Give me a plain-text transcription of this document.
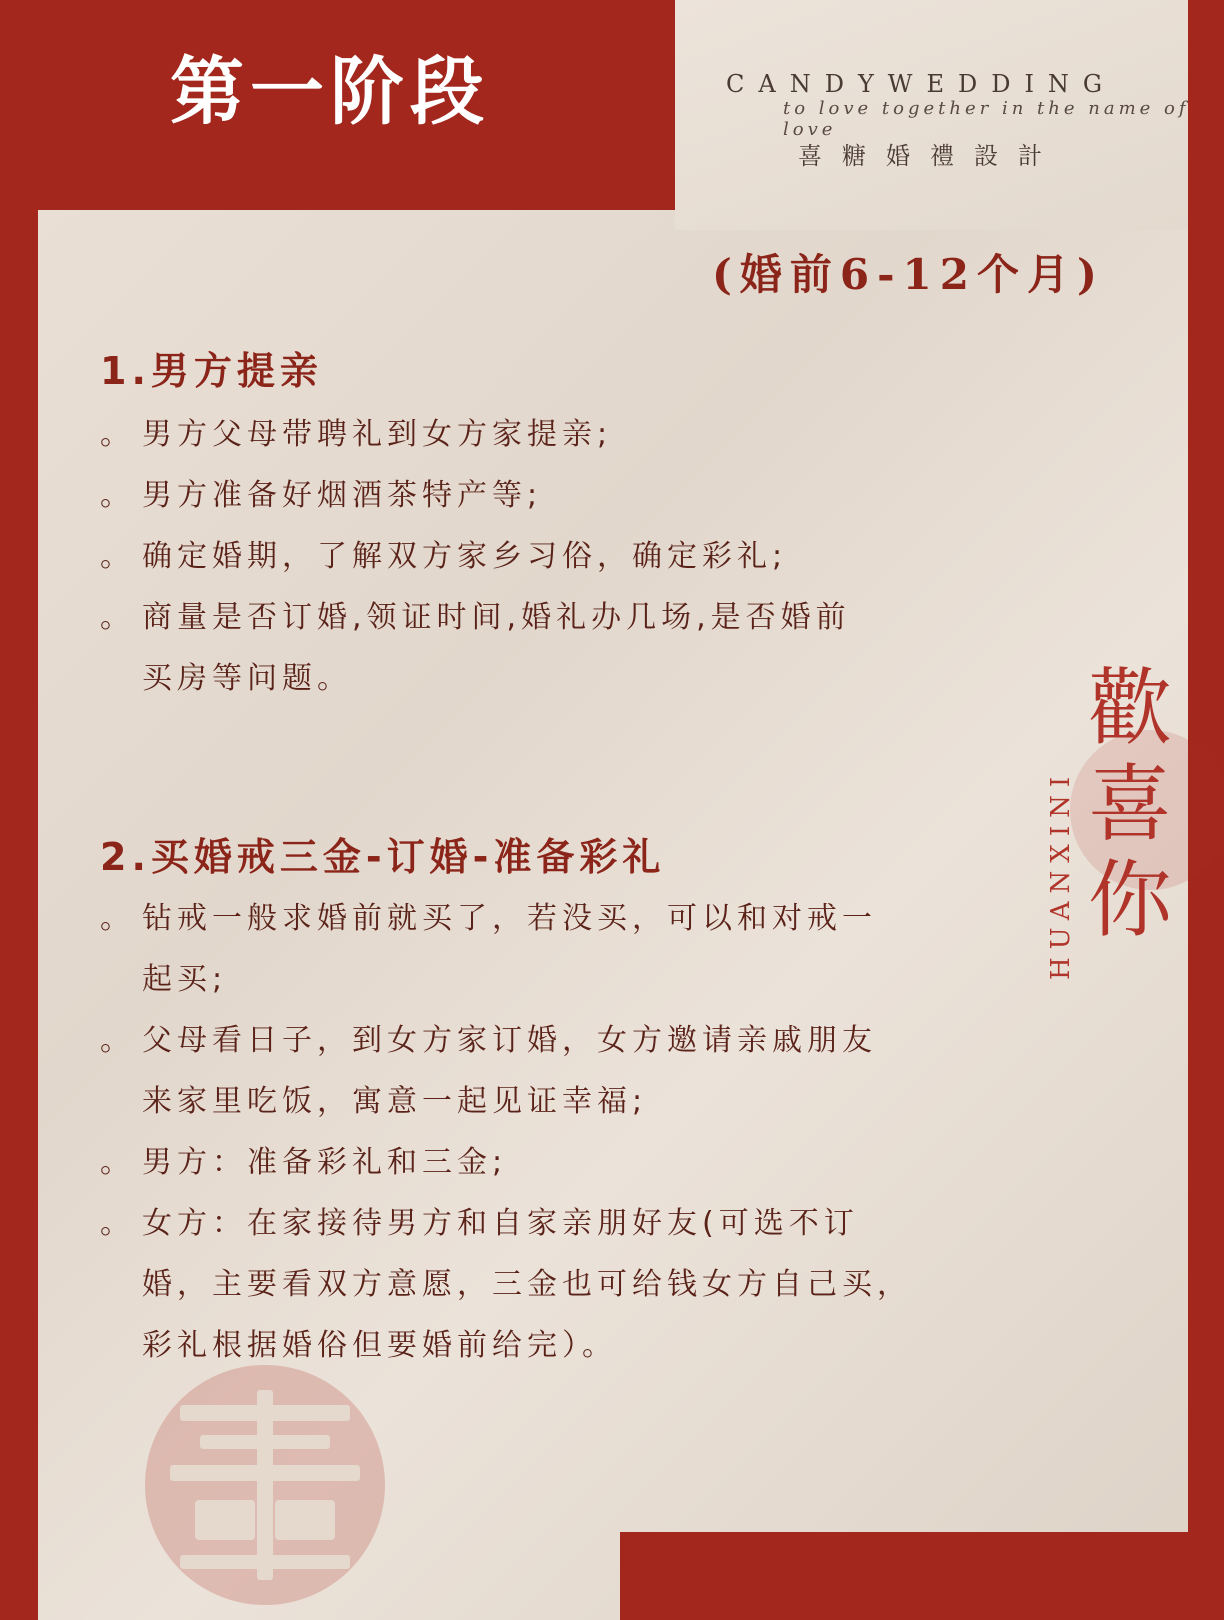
第一阶段	CANDYWEDDING
to love together in the name of love
喜糖婚禮設計
(婚前6-12个月)
1.男方提亲
。 男方父母带聘礼到女方家提亲;
。 男方准备好烟酒茶特产等;
。 确定婚期，了解双方家乡习俗，确定彩礼;
。 商量是否订婚,领证时间,婚礼办几场,是否婚前
买房等问题。
2.买婚戒三金-订婚-准备彩礼
。 钻戒一般求婚前就买了，若没买，可以和对戒一
起买;
。 父母看日子，到女方家订婚，女方邀请亲戚朋友
来家里吃饭，寓意一起见证幸福;
。 男方：准备彩礼和三金;
。 女方：在家接待男方和自家亲朋好友(可选不订
婚，主要看双方意愿，三金也可给钱女方自己买，
彩礼根据婚俗但要婚前给完）。
HUANXINI
歡
喜
你
